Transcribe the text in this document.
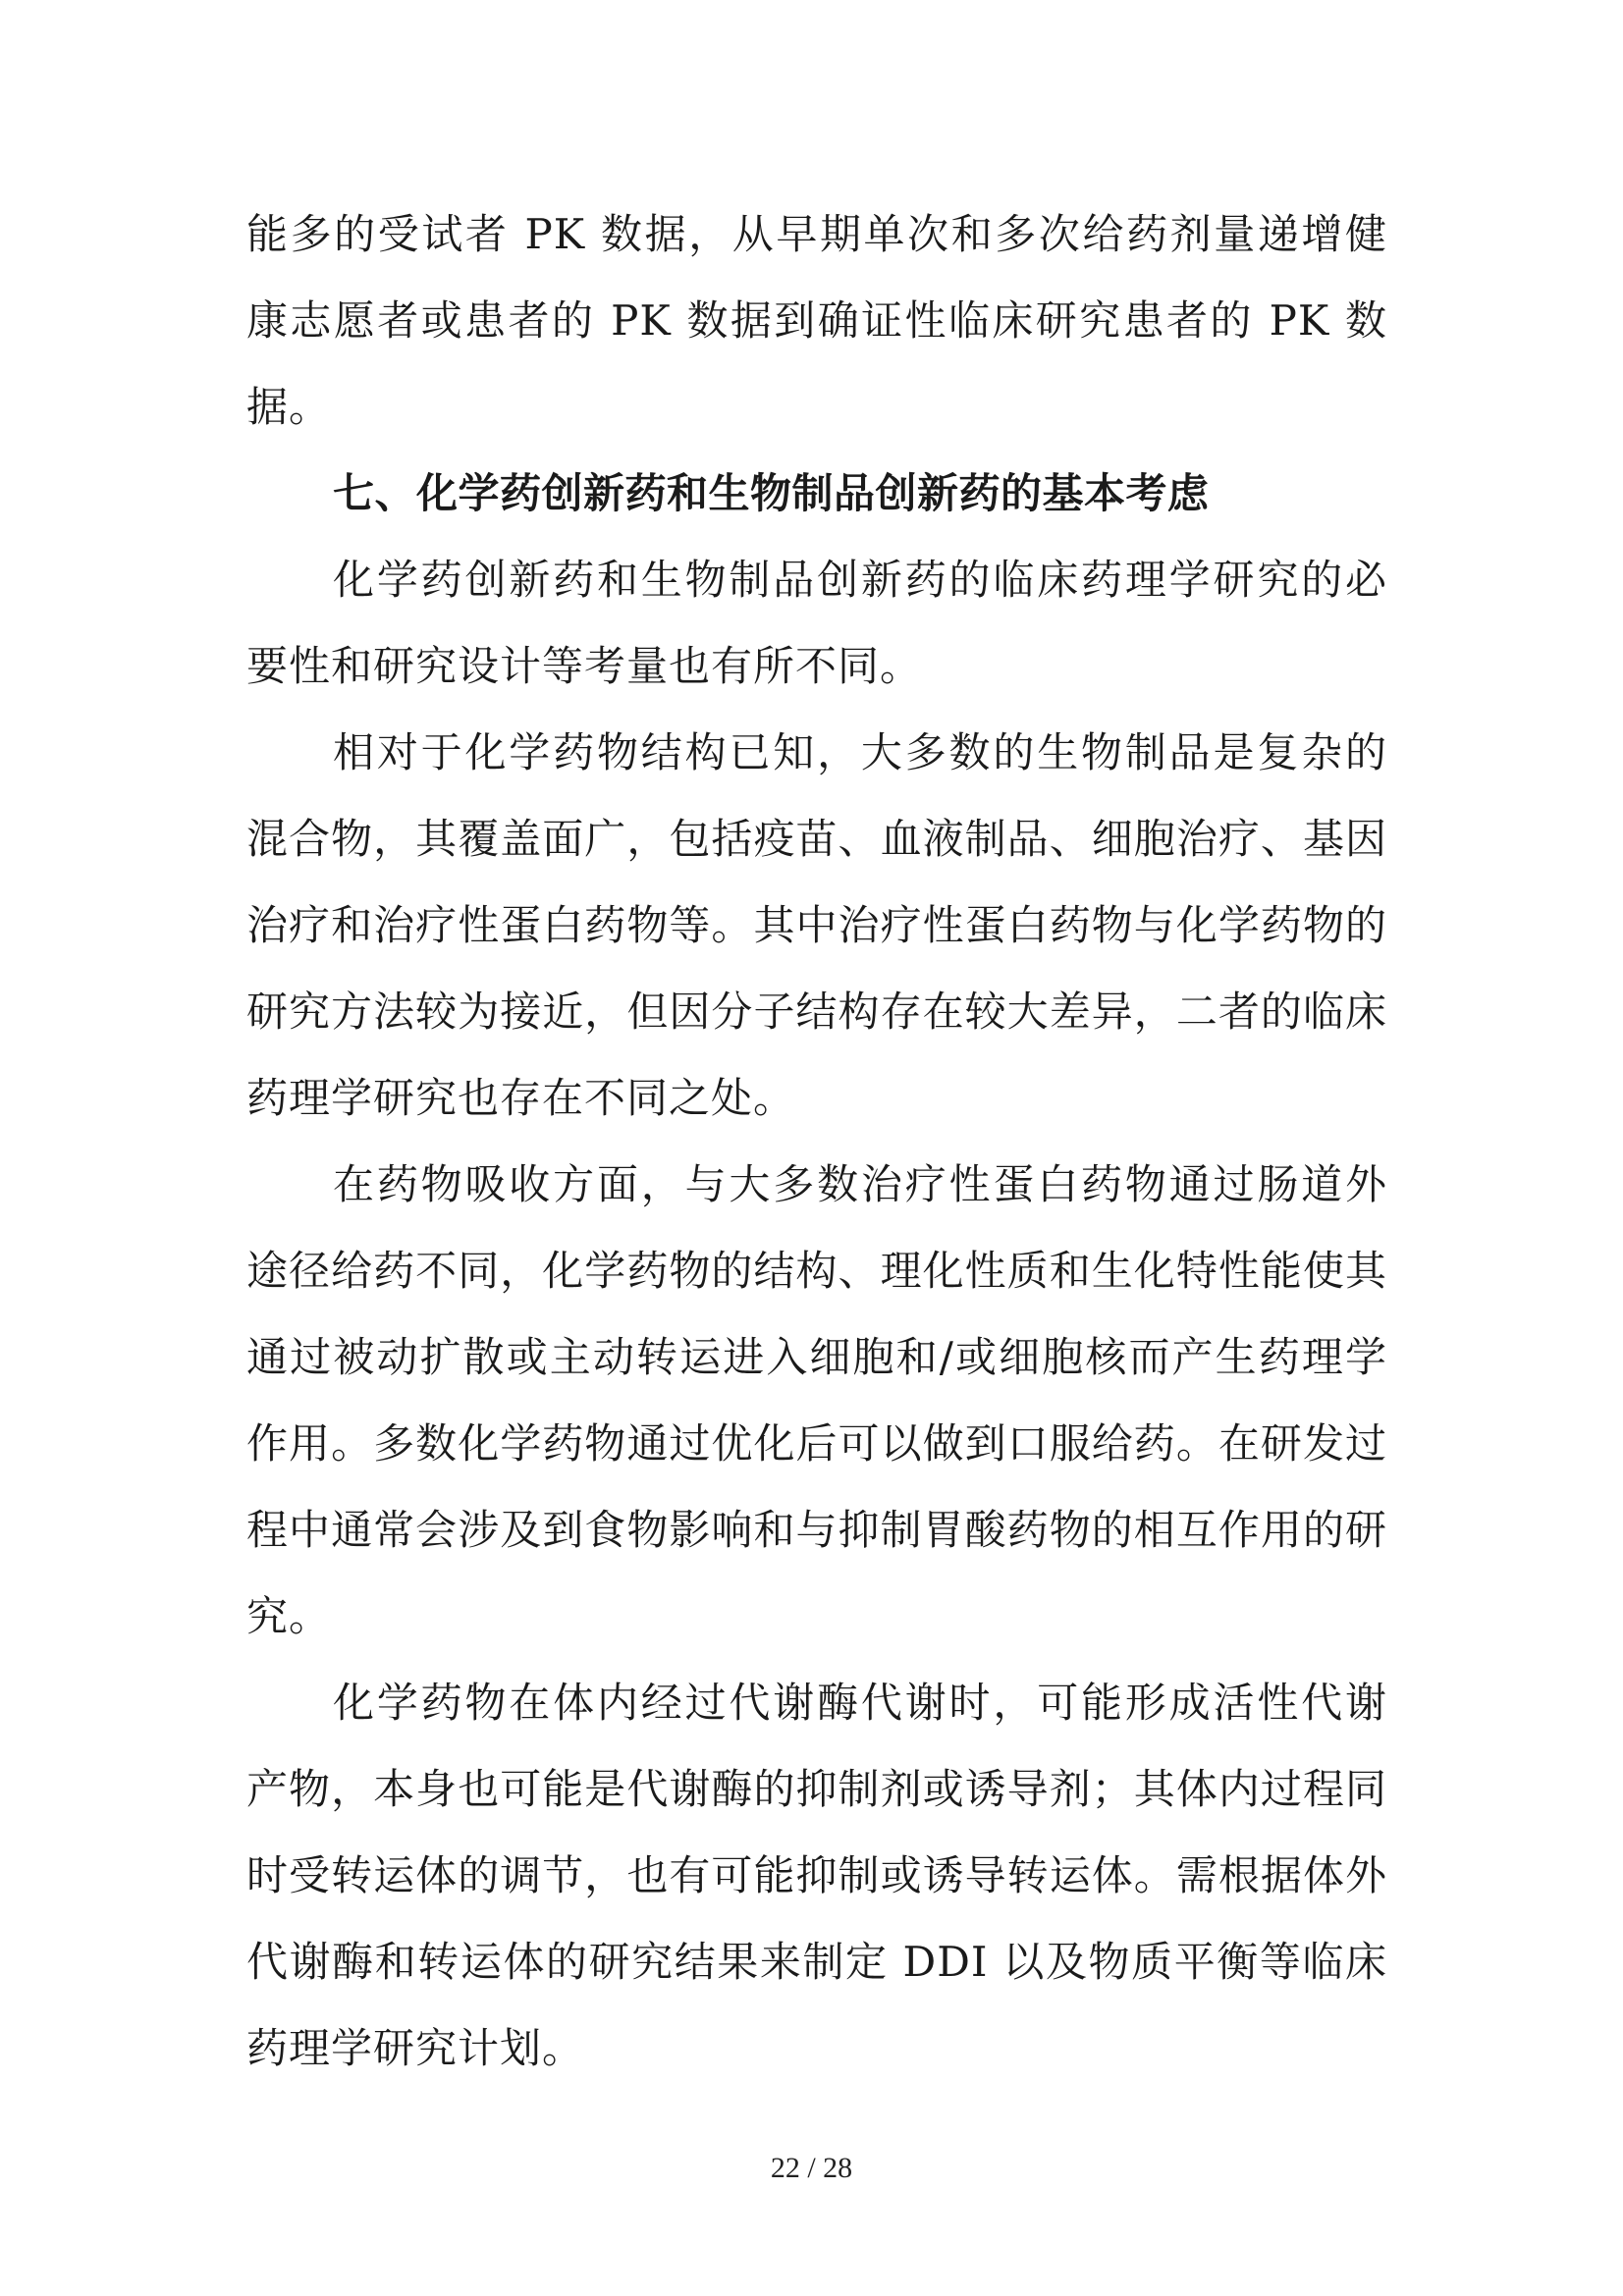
能多的受试者 PK 数据，从早期单次和多次给药剂量递增健康志愿者或患者的 PK 数据到确证性临床研究患者的 PK 数据。

七、化学药创新药和生物制品创新药的基本考虑

化学药创新药和生物制品创新药的临床药理学研究的必要性和研究设计等考量也有所不同。

相对于化学药物结构已知，大多数的生物制品是复杂的混合物，其覆盖面广，包括疫苗、血液制品、细胞治疗、基因治疗和治疗性蛋白药物等。其中治疗性蛋白药物与化学药物的研究方法较为接近，但因分子结构存在较大差异，二者的临床药理学研究也存在不同之处。

在药物吸收方面，与大多数治疗性蛋白药物通过肠道外途径给药不同，化学药物的结构、理化性质和生化特性能使其通过被动扩散或主动转运进入细胞和/或细胞核而产生药理学作用。多数化学药物通过优化后可以做到口服给药。在研发过程中通常会涉及到食物影响和与抑制胃酸药物的相互作用的研究。

化学药物在体内经过代谢酶代谢时，可能形成活性代谢产物，本身也可能是代谢酶的抑制剂或诱导剂；其体内过程同时受转运体的调节，也有可能抑制或诱导转运体。需根据体外代谢酶和转运体的研究结果来制定 DDI 以及物质平衡等临床药理学研究计划。

22 / 28
